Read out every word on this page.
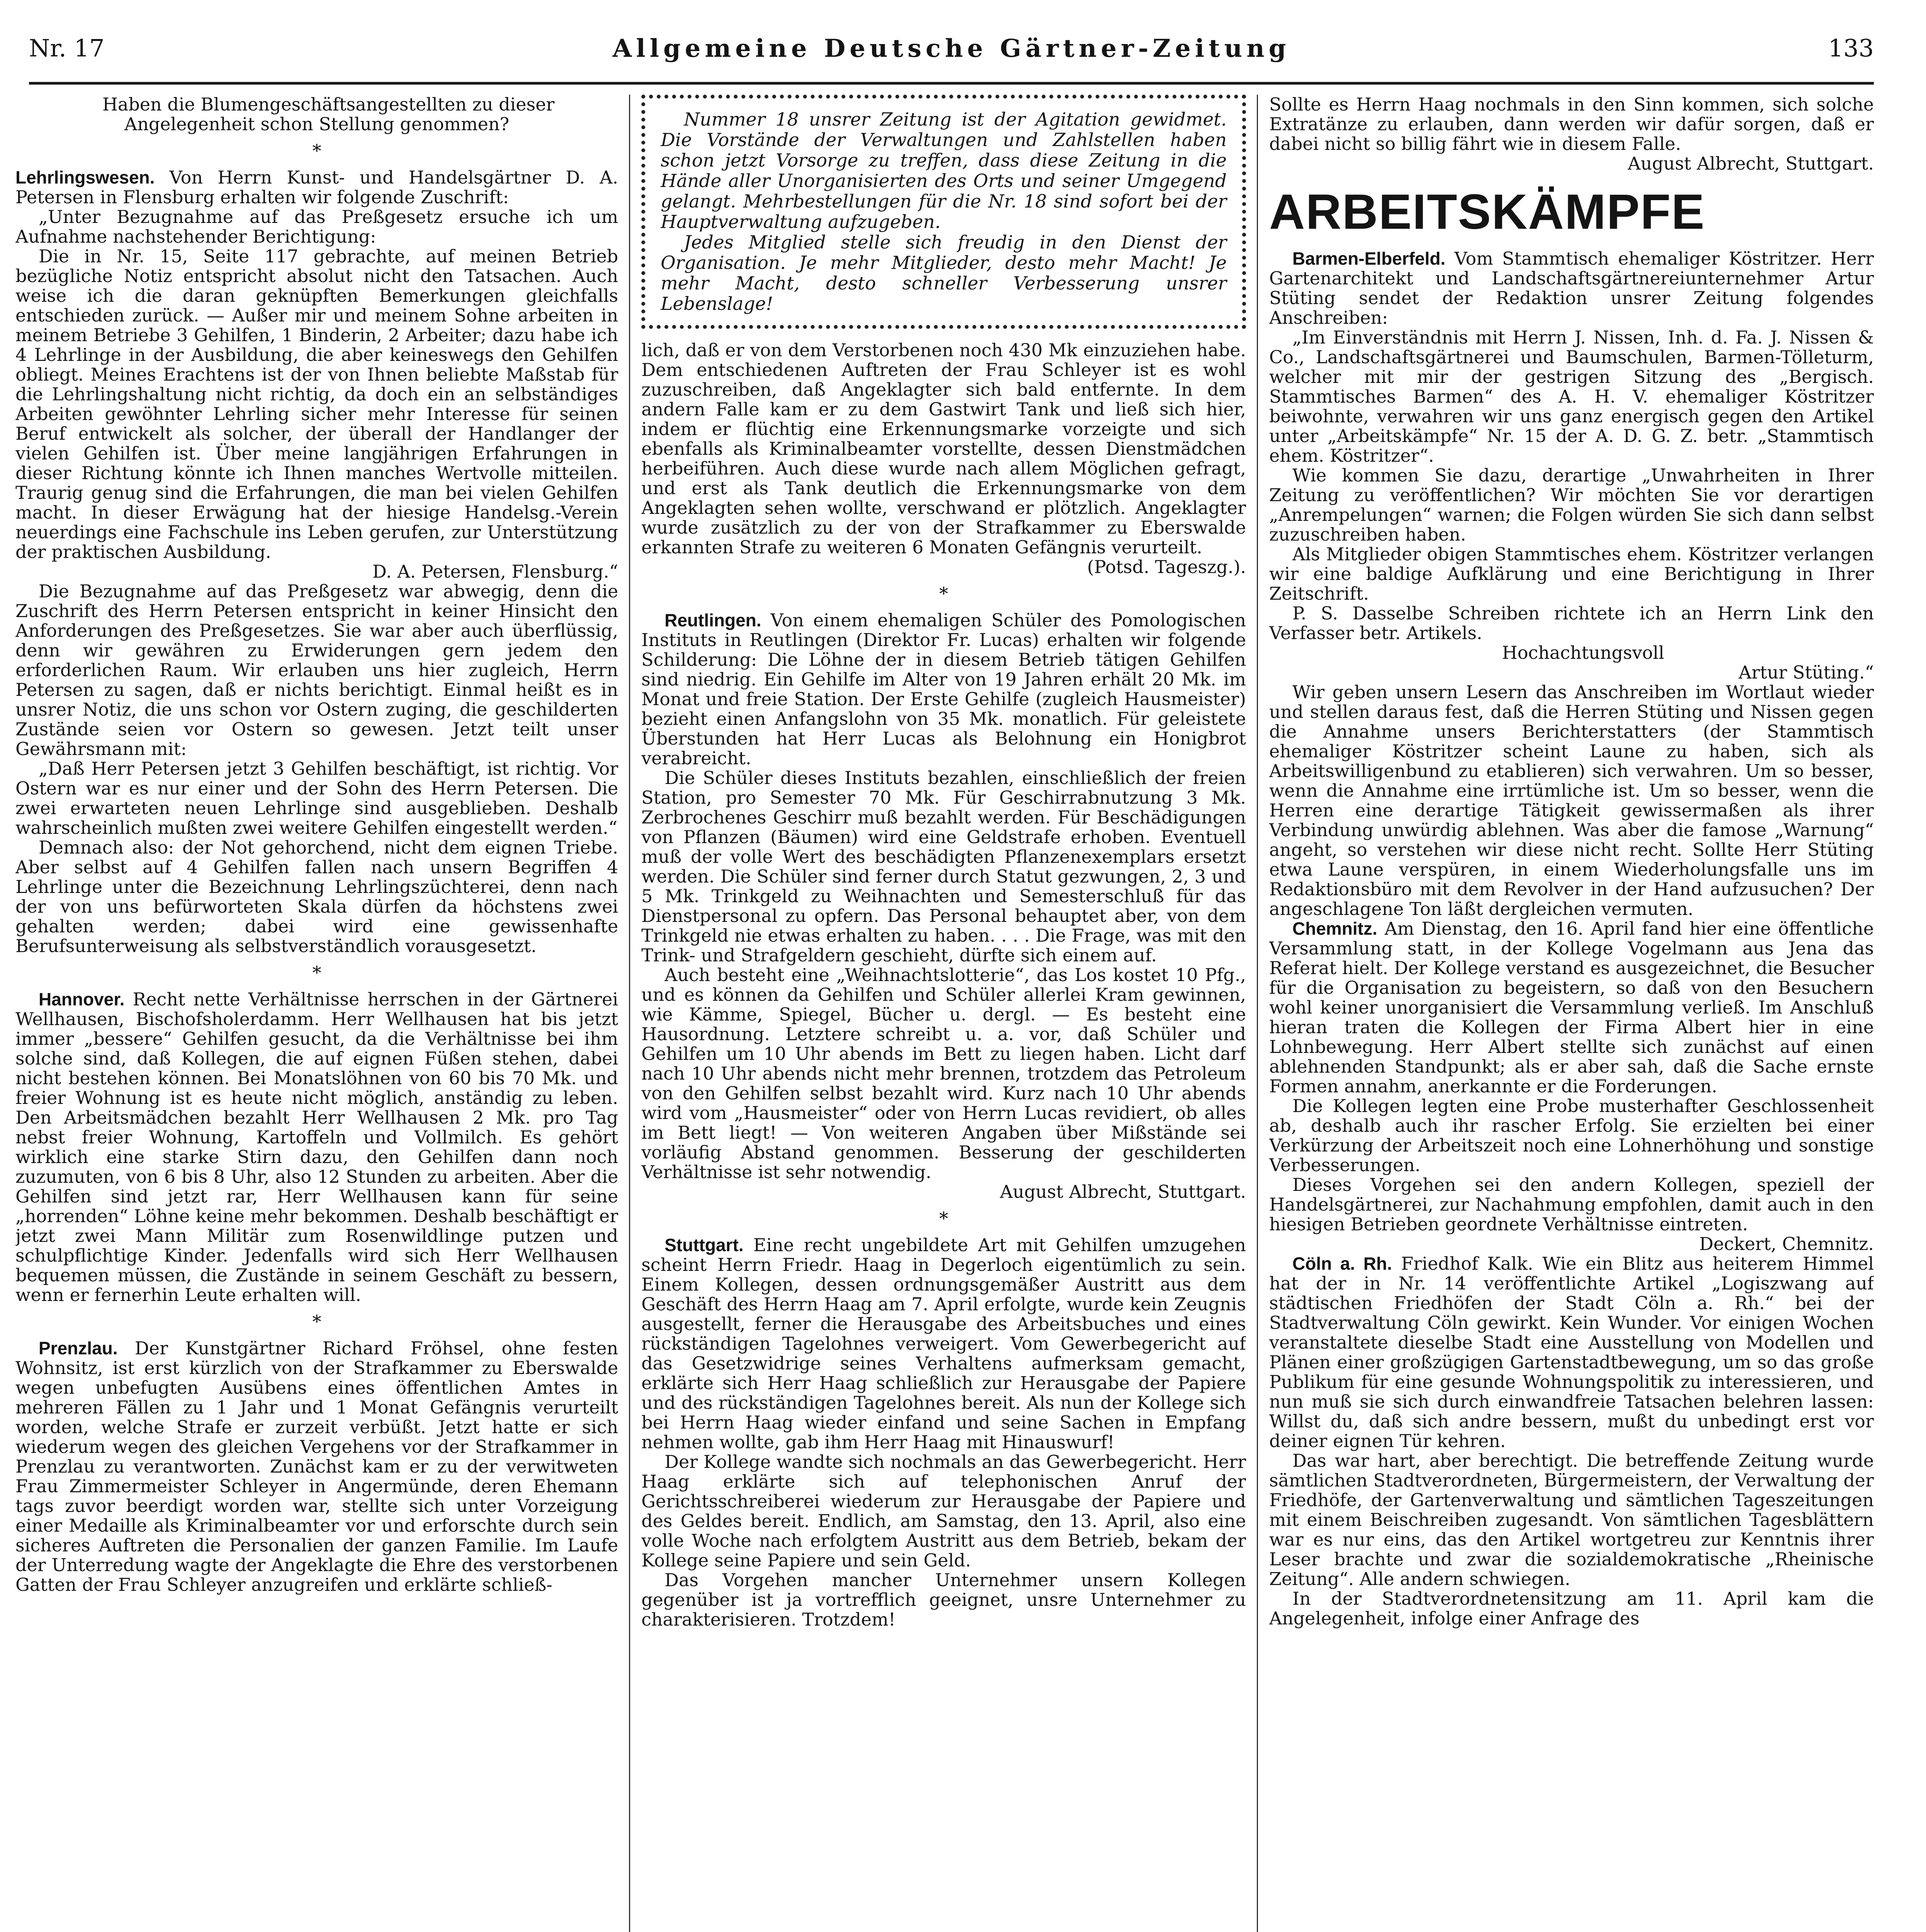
Nr. 17	Allgemeine Deutsche Gärtner-Zeitung	133

Haben die Blumengeschäftsangestellten zu dieser Angelegenheit schon Stellung genommen?

*

Lehrlingswesen. Von Herrn Kunst- und Handelsgärtner D. A. Petersen in Flensburg erhalten wir folgende Zuschrift:

„Unter Bezugnahme auf das Preßgesetz ersuche ich um Aufnahme nachstehender Berichtigung:

Die in Nr. 15, Seite 117 gebrachte, auf meinen Betrieb bezügliche Notiz entspricht absolut nicht den Tatsachen. Auch weise ich die daran geknüpften Bemerkungen gleichfalls entschieden zurück. — Außer mir und meinem Sohne arbeiten in meinem Betriebe 3 Gehilfen, 1 Binderin, 2 Arbeiter; dazu habe ich 4 Lehrlinge in der Ausbildung, die aber keineswegs den Gehilfen obliegt. Meines Erachtens ist der von Ihnen beliebte Maßstab für die Lehrlingshaltung nicht richtig, da doch ein an selbständiges Arbeiten gewöhnter Lehrling sicher mehr Interesse für seinen Beruf entwickelt als solcher, der überall der Handlanger der vielen Gehilfen ist. Über meine langjährigen Erfahrungen in dieser Richtung könnte ich Ihnen manches Wertvolle mitteilen. Traurig genug sind die Erfahrungen, die man bei vielen Gehilfen macht. In dieser Erwägung hat der hiesige Handelsg.-Verein neuerdings eine Fachschule ins Leben gerufen, zur Unterstützung der praktischen Ausbildung.

D. A. Petersen, Flensburg.“

Die Bezugnahme auf das Preßgesetz war abwegig, denn die Zuschrift des Herrn Petersen entspricht in keiner Hinsicht den Anforderungen des Preßgesetzes. Sie war aber auch überflüssig, denn wir gewähren zu Erwiderungen gern jedem den erforderlichen Raum. Wir erlauben uns hier zugleich, Herrn Petersen zu sagen, daß er nichts berichtigt. Einmal heißt es in unsrer Notiz, die uns schon vor Ostern zuging, die geschilderten Zustände seien vor Ostern so gewesen. Jetzt teilt unser Gewährsmann mit:

„Daß Herr Petersen jetzt 3 Gehilfen beschäftigt, ist richtig. Vor Ostern war es nur einer und der Sohn des Herrn Petersen. Die zwei erwarteten neuen Lehrlinge sind ausgeblieben. Deshalb wahrscheinlich mußten zwei weitere Gehilfen eingestellt werden.“

Demnach also: der Not gehorchend, nicht dem eignen Triebe. Aber selbst auf 4 Gehilfen fallen nach unsern Begriffen 4 Lehrlinge unter die Bezeichnung Lehrlingszüchterei, denn nach der von uns befürworteten Skala dürfen da höchstens zwei gehalten werden; dabei wird eine gewissenhafte Berufsunterweisung als selbstverständlich vorausgesetzt.

*

Hannover. Recht nette Verhältnisse herrschen in der Gärtnerei Wellhausen, Bischofsholerdamm. Herr Wellhausen hat bis jetzt immer „bessere“ Gehilfen gesucht, da die Verhältnisse bei ihm solche sind, daß Kollegen, die auf eignen Füßen stehen, dabei nicht bestehen können. Bei Monatslöhnen von 60 bis 70 Mk. und freier Wohnung ist es heute nicht möglich, anständig zu leben. Den Arbeitsmädchen bezahlt Herr Wellhausen 2 Mk. pro Tag nebst freier Wohnung, Kartoffeln und Vollmilch. Es gehört wirklich eine starke Stirn dazu, den Gehilfen dann noch zuzumuten, von 6 bis 8 Uhr, also 12 Stunden zu arbeiten. Aber die Gehilfen sind jetzt rar, Herr Wellhausen kann für seine „horrenden“ Löhne keine mehr bekommen. Deshalb beschäftigt er jetzt zwei Mann Militär zum Rosenwildlinge putzen und schulpflichtige Kinder. Jedenfalls wird sich Herr Wellhausen bequemen müssen, die Zustände in seinem Geschäft zu bessern, wenn er fernerhin Leute erhalten will.

*

Prenzlau. Der Kunstgärtner Richard Fröhsel, ohne festen Wohnsitz, ist erst kürzlich von der Strafkammer zu Eberswalde wegen unbefugten Ausübens eines öffentlichen Amtes in mehreren Fällen zu 1 Jahr und 1 Monat Gefängnis verurteilt worden, welche Strafe er zurzeit verbüßt. Jetzt hatte er sich wiederum wegen des gleichen Vergehens vor der Strafkammer in Prenzlau zu verantworten. Zunächst kam er zu der verwitweten Frau Zimmermeister Schleyer in Angermünde, deren Ehemann tags zuvor beerdigt worden war, stellte sich unter Vorzeigung einer Medaille als Kriminalbeamter vor und erforschte durch sein sicheres Auftreten die Personalien der ganzen Familie. Im Laufe der Unterredung wagte der Angeklagte die Ehre des verstorbenen Gatten der Frau Schleyer anzugreifen und erklärte schließ-

Nummer 18 unsrer Zeitung ist der Agitation gewidmet. Die Vorstände der Verwaltungen und Zahlstellen haben schon jetzt Vorsorge zu treffen, dass diese Zeitung in die Hände aller Unorganisierten des Orts und seiner Umgegend gelangt. Mehrbestellungen für die Nr. 18 sind sofort bei der Hauptverwaltung aufzugeben.

Jedes Mitglied stelle sich freudig in den Dienst der Organisation. Je mehr Mitglieder, desto mehr Macht! Je mehr Macht, desto schneller Verbesserung unsrer Lebenslage!

lich, daß er von dem Verstorbenen noch 430 Mk einzuziehen habe. Dem entschiedenen Auftreten der Frau Schleyer ist es wohl zuzuschreiben, daß Angeklagter sich bald entfernte. In dem andern Falle kam er zu dem Gastwirt Tank und ließ sich hier, indem er flüchtig eine Erkennungsmarke vorzeigte und sich ebenfalls als Kriminalbeamter vorstellte, dessen Dienstmädchen herbeiführen. Auch diese wurde nach allem Möglichen gefragt, und erst als Tank deutlich die Erkennungsmarke von dem Angeklagten sehen wollte, verschwand er plötzlich. Angeklagter wurde zusätzlich zu der von der Strafkammer zu Eberswalde erkannten Strafe zu weiteren 6 Monaten Gefängnis verurteilt.

(Potsd. Tageszg.).

*

Reutlingen. Von einem ehemaligen Schüler des Pomologischen Instituts in Reutlingen (Direktor Fr. Lucas) erhalten wir folgende Schilderung: Die Löhne der in diesem Betrieb tätigen Gehilfen sind niedrig. Ein Gehilfe im Alter von 19 Jahren erhält 20 Mk. im Monat und freie Station. Der Erste Gehilfe (zugleich Hausmeister) bezieht einen Anfangslohn von 35 Mk. monatlich. Für geleistete Überstunden hat Herr Lucas als Belohnung ein Honigbrot verabreicht.

Die Schüler dieses Instituts bezahlen, einschließlich der freien Station, pro Semester 70 Mk. Für Geschirrabnutzung 3 Mk. Zerbrochenes Geschirr muß bezahlt werden. Für Beschädigungen von Pflanzen (Bäumen) wird eine Geldstrafe erhoben. Eventuell muß der volle Wert des beschädigten Pflanzenexemplars ersetzt werden. Die Schüler sind ferner durch Statut gezwungen, 2, 3 und 5 Mk. Trinkgeld zu Weihnachten und Semesterschluß für das Dienstpersonal zu opfern. Das Personal behauptet aber, von dem Trinkgeld nie etwas erhalten zu haben. . . . Die Frage, was mit den Trink- und Strafgeldern geschieht, dürfte sich einem auf.

Auch besteht eine „Weihnachtslotterie“, das Los kostet 10 Pfg., und es können da Gehilfen und Schüler allerlei Kram gewinnen, wie Kämme, Spiegel, Bücher u. dergl. — Es besteht eine Hausordnung. Letztere schreibt u. a. vor, daß Schüler und Gehilfen um 10 Uhr abends im Bett zu liegen haben. Licht darf nach 10 Uhr abends nicht mehr brennen, trotzdem das Petroleum von den Gehilfen selbst bezahlt wird. Kurz nach 10 Uhr abends wird vom „Hausmeister“ oder von Herrn Lucas revidiert, ob alles im Bett liegt! — Von weiteren Angaben über Mißstände sei vorläufig Abstand genommen. Besserung der geschilderten Verhältnisse ist sehr notwendig.

August Albrecht, Stuttgart.

*

Stuttgart. Eine recht ungebildete Art mit Gehilfen umzugehen scheint Herrn Friedr. Haag in Degerloch eigentümlich zu sein. Einem Kollegen, dessen ordnungsgemäßer Austritt aus dem Geschäft des Herrn Haag am 7. April erfolgte, wurde kein Zeugnis ausgestellt, ferner die Herausgabe des Arbeitsbuches und eines rückständigen Tagelohnes verweigert. Vom Gewerbegericht auf das Gesetzwidrige seines Verhaltens aufmerksam gemacht, erklärte sich Herr Haag schließlich zur Herausgabe der Papiere und des rückständigen Tagelohnes bereit. Als nun der Kollege sich bei Herrn Haag wieder einfand und seine Sachen in Empfang nehmen wollte, gab ihm Herr Haag mit Hinauswurf!

Der Kollege wandte sich nochmals an das Gewerbegericht. Herr Haag erklärte sich auf telephonischen Anruf der Gerichtsschreiberei wiederum zur Herausgabe der Papiere und des Geldes bereit. Endlich, am Samstag, den 13. April, also eine volle Woche nach erfolgtem Austritt aus dem Betrieb, bekam der Kollege seine Papiere und sein Geld.

Das Vorgehen mancher Unternehmer unsern Kollegen gegenüber ist ja vortrefflich geeignet, unsre Unternehmer zu charakterisieren. Trotzdem!

Sollte es Herrn Haag nochmals in den Sinn kommen, sich solche Extratänze zu erlauben, dann werden wir dafür sorgen, daß er dabei nicht so billig fährt wie in diesem Falle.

August Albrecht, Stuttgart.

ARBEITSKÄMPFE

Barmen-Elberfeld. Vom Stammtisch ehemaliger Köstritzer. Herr Gartenarchitekt und Landschaftsgärtnereiunternehmer Artur Stüting sendet der Redaktion unsrer Zeitung folgendes Anschreiben:

„Im Einverständnis mit Herrn J. Nissen, Inh. d. Fa. J. Nissen & Co., Landschaftsgärtnerei und Baumschulen, Barmen-Tölleturm, welcher mit mir der gestrigen Sitzung des „Bergisch. Stammtisches Barmen“ des A. H. V. ehemaliger Köstritzer beiwohnte, verwahren wir uns ganz energisch gegen den Artikel unter „Arbeitskämpfe“ Nr. 15 der A. D. G. Z. betr. „Stammtisch ehem. Köstritzer“.

Wie kommen Sie dazu, derartige „Unwahrheiten in Ihrer Zeitung zu veröffentlichen? Wir möchten Sie vor derartigen „Anrempelungen“ warnen; die Folgen würden Sie sich dann selbst zuzuschreiben haben.

Als Mitglieder obigen Stammtisches ehem. Köstritzer verlangen wir eine baldige Aufklärung und eine Berichtigung in Ihrer Zeitschrift.

P. S. Dasselbe Schreiben richtete ich an Herrn Link den Verfasser betr. Artikels.

Hochachtungsvoll

Artur Stüting.“

Wir geben unsern Lesern das Anschreiben im Wortlaut wieder und stellen daraus fest, daß die Herren Stüting und Nissen gegen die Annahme unsers Berichterstatters (der Stammtisch ehemaliger Köstritzer scheint Laune zu haben, sich als Arbeitswilligenbund zu etablieren) sich verwahren. Um so besser, wenn die Annahme eine irrtümliche ist. Um so besser, wenn die Herren eine derartige Tätigkeit gewissermaßen als ihrer Verbindung unwürdig ablehnen. Was aber die famose „Warnung“ angeht, so verstehen wir diese nicht recht. Sollte Herr Stüting etwa Laune verspüren, in einem Wiederholungsfalle uns im Redaktionsbüro mit dem Revolver in der Hand aufzusuchen? Der angeschlagene Ton läßt dergleichen vermuten.

Chemnitz. Am Dienstag, den 16. April fand hier eine öffentliche Versammlung statt, in der Kollege Vogelmann aus Jena das Referat hielt. Der Kollege verstand es ausgezeichnet, die Besucher für die Organisation zu begeistern, so daß von den Besuchern wohl keiner unorganisiert die Versammlung verließ. Im Anschluß hieran traten die Kollegen der Firma Albert hier in eine Lohnbewegung. Herr Albert stellte sich zunächst auf einen ablehnenden Standpunkt; als er aber sah, daß die Sache ernste Formen annahm, anerkannte er die Forderungen.

Die Kollegen legten eine Probe musterhafter Geschlossenheit ab, deshalb auch ihr rascher Erfolg. Sie erzielten bei einer Verkürzung der Arbeitszeit noch eine Lohnerhöhung und sonstige Verbesserungen.

Dieses Vorgehen sei den andern Kollegen, speziell der Handelsgärtnerei, zur Nachahmung empfohlen, damit auch in den hiesigen Betrieben geordnete Verhältnisse eintreten.

Deckert, Chemnitz.

Cöln a. Rh. Friedhof Kalk. Wie ein Blitz aus heiterem Himmel hat der in Nr. 14 veröffentlichte Artikel „Logiszwang auf städtischen Friedhöfen der Stadt Cöln a. Rh.“ bei der Stadtverwaltung Cöln gewirkt. Kein Wunder. Vor einigen Wochen veranstaltete dieselbe Stadt eine Ausstellung von Modellen und Plänen einer großzügigen Gartenstadtbewegung, um so das große Publikum für eine gesunde Wohnungspolitik zu interessieren, und nun muß sie sich durch einwandfreie Tatsachen belehren lassen: Willst du, daß sich andre bessern, mußt du unbedingt erst vor deiner eignen Tür kehren.

Das war hart, aber berechtigt. Die betreffende Zeitung wurde sämtlichen Stadtverordneten, Bürgermeistern, der Verwaltung der Friedhöfe, der Gartenverwaltung und sämtlichen Tageszeitungen mit einem Beischreiben zugesandt. Von sämtlichen Tagesblättern war es nur eins, das den Artikel wortgetreu zur Kenntnis ihrer Leser brachte und zwar die sozialdemokratische „Rheinische Zeitung“. Alle andern schwiegen.

In der Stadtverordnetensitzung am 11. April kam die Angelegenheit, infolge einer Anfrage des
